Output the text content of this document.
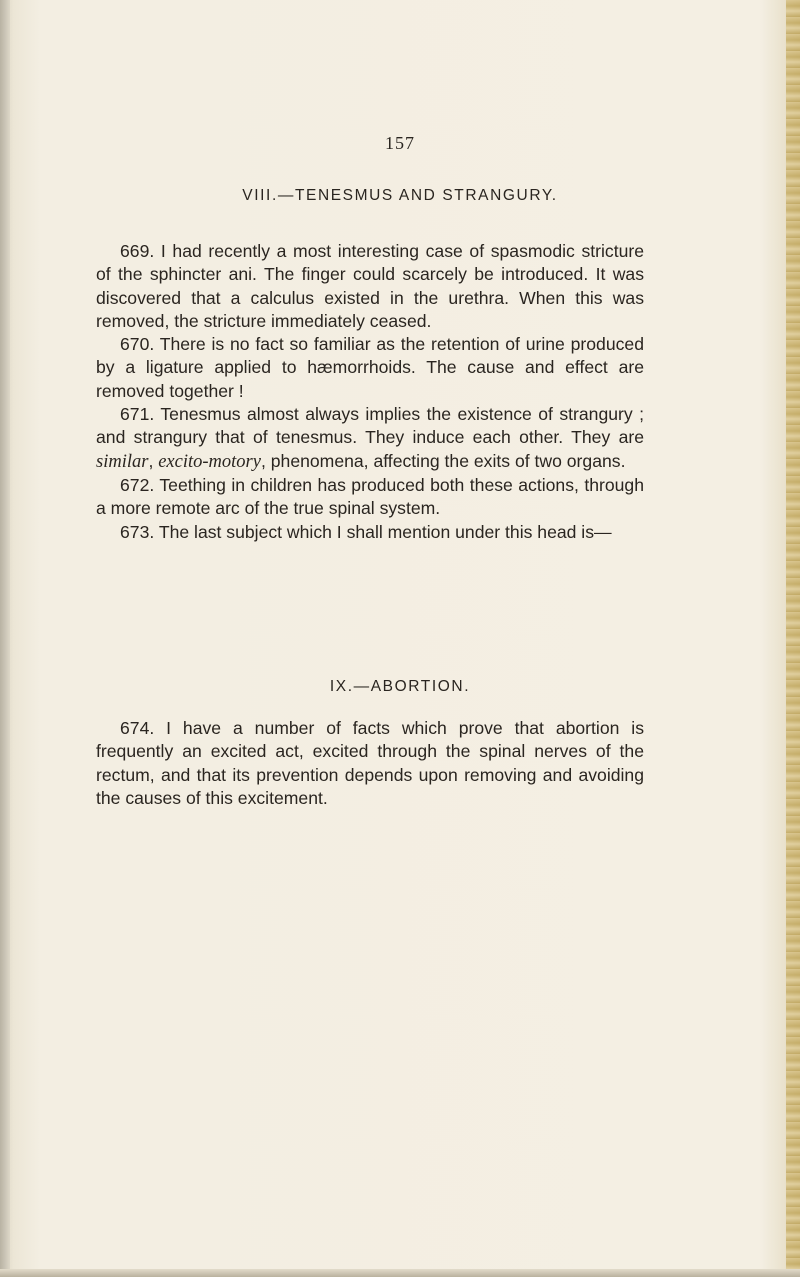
157
VIII.—TENESMUS AND STRANGURY.

669. I had recently a most interesting case of spasmodic stricture of the sphincter ani. The finger could scarcely be introduced. It was discovered that a calculus existed in the urethra. When this was removed, the stricture immediately ceased.

670. There is no fact so familiar as the retention of urine produced by a ligature applied to hæmorrhoids. The cause and effect are removed together !

671. Tenesmus almost always implies the existence of strangury ; and strangury that of tenesmus. They induce each other. They are similar, excito-motory, phenomena, affecting the exits of two organs.

672. Teething in children has produced both these actions, through a more remote arc of the true spinal system.

673. The last subject which I shall mention under this head is—

IX.—ABORTION.

674. I have a number of facts which prove that abortion is frequently an excited act, excited through the spinal nerves of the rectum, and that its prevention depends upon removing and avoiding the causes of this excitement.
